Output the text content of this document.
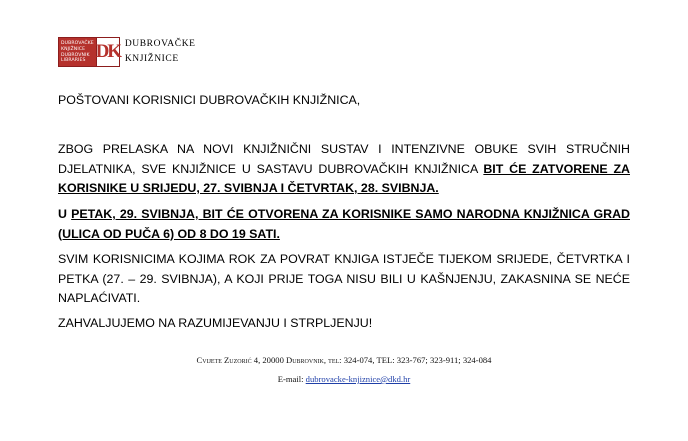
DUBROVAČKE
KNJIŽNICE
DUBROVNIK
LIBRARIES DK DUBROVAČKE
KNJIŽNICE

POŠTOVANI KORISNICI DUBROVAČKIH KNJIŽNICA,

ZBOG PRELASKA NA NOVI KNJIŽNIČNI SUSTAV I INTENZIVNE OBUKE SVIH STRUČNIH DJELATNIKA, SVE KNJIŽNICE U SASTAVU DUBROVAČKIH KNJIŽNICA BIT ĆE ZATVORENE ZA KORISNIKE U SRIJEDU, 27. SVIBNJA I ČETVRTAK, 28. SVIBNJA.

U PETAK, 29. SVIBNJA, BIT ĆE OTVORENA ZA KORISNIKE SAMO NARODNA KNJIŽNICA GRAD (ULICA OD PUČA 6) OD 8 DO 19 SATI.

SVIM KORISNICIMA KOJIMA ROK ZA POVRAT KNJIGA ISTJEČE TIJEKOM SRIJEDE, ČETVRTKA I PETKA (27. – 29. SVIBNJA), A KOJI PRIJE TOGA NISU BILI U KAŠNJENJU, ZAKASNINA SE NEĆE NAPLAĆIVATI.

ZAHVALJUJEMO NA RAZUMIJEVANJU I STRPLJENJU!

Cvijete Zuzorić 4, 20000 Dubrovnik, tel: 324-074, TEL: 323-767; 323-911; 324-084
E-mail: dubrovacke-knjiznice@dkd.hr
